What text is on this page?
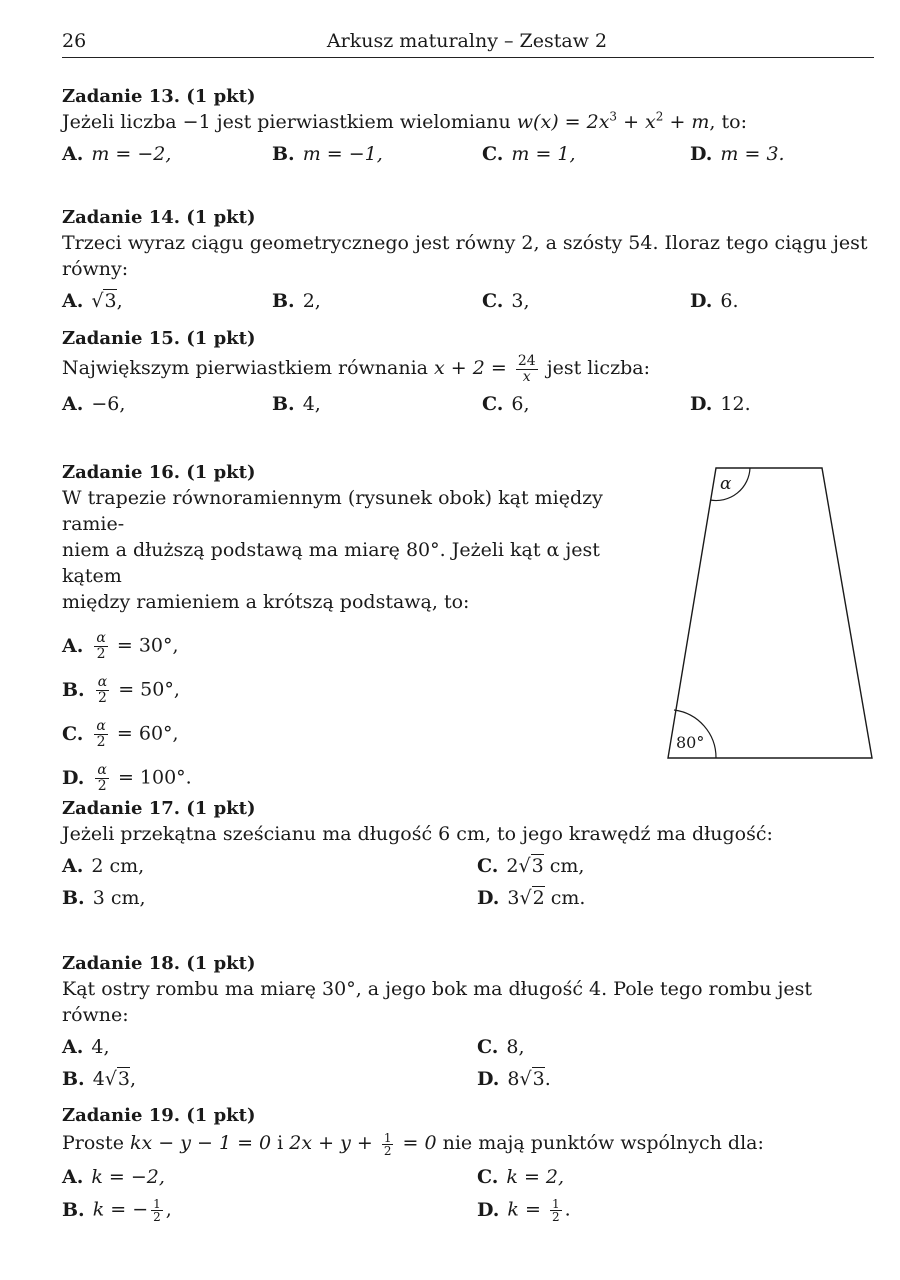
26	Arkusz maturalny – Zestaw 2
Zadanie 13. (1 pkt)
Jeżeli liczba −1 jest pierwiastkiem wielomianu $w(x) = 2x^3 + x^2 + m$, to:
A. m = −2,	B. m = −1,	C. m = 1,	D. m = 3.
Zadanie 14. (1 pkt)
Trzeci wyraz ciągu geometrycznego jest równy 2, a szósty 54. Iloraz tego ciągu jest równy:
A. √3,	B. 2,	C. 3,	D. 6.
Zadanie 15. (1 pkt)
Największym pierwiastkiem równania $x + 2 = \frac{24}{x}$ jest liczba:
A. −6,	B. 4,	C. 6,	D. 12.
Zadanie 16. (1 pkt)
W trapezie równoramiennym (rysunek obok) kąt między ramie-
niem a dłuższą podstawą ma miarę 80°. Jeżeli kąt α jest kątem
między ramieniem a krótszą podstawą, to:
A. $\frac{\alpha}{2} = 30^\circ$,
B. $\frac{\alpha}{2} = 50^\circ$,
C. $\frac{\alpha}{2} = 60^\circ$,
D. $\frac{\alpha}{2} = 100^\circ$.
α
80°
Zadanie 17. (1 pkt)
Jeżeli przekątna sześcianu ma długość 6 cm, to jego krawędź ma długość:
A. 2 cm,	C. 2√3 cm,
B. 3 cm,	D. 3√2 cm.
Zadanie 18. (1 pkt)
Kąt ostry rombu ma miarę 30°, a jego bok ma długość 4. Pole tego rombu jest równe:
A. 4,	C. 8,
B. 4√3,	D. 8√3.
Zadanie 19. (1 pkt)
Proste kx − y − 1 = 0 i $2x + y + \frac{1}{2} = 0$ nie mają punktów wspólnych dla:
A. k = −2,	C. k = 2,
B. k = − $\frac{1}{2}$ ,	D. $k = \frac{1}{2}$ .
